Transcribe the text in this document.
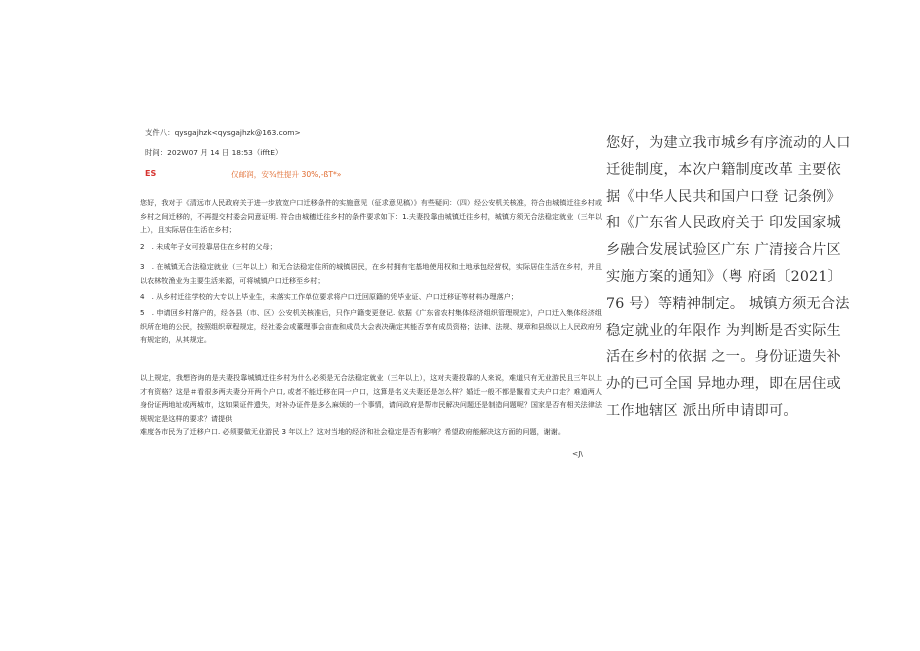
支件八：qysgajhzk<qysgajhzk@163.com>
时间：202W07 月 14 日 18:53（ifftE）
ES	仅邮润，安¾性提升 30%,-ßT*»

您好，我对于《清远市人民政府关于进一步放宽户口迁移条件的实施意见（征求意见稿）》有些疑问：（四）经公安机关核准，符合由城镇迁往乡村或乡村之间迁移的，不再提交村委会同意证明. 符合由城穗迁往乡村的条件要求如下：1.夫妻投靠由城镇迁往乡村，城镇方须无合法稳定就业（三年以上），且实际居住生活在乡村；

2　. 未成年子女可投靠居住在乡村的父母；

3　. 在城镇无合法稳定就业（三年以上）和无合法稳定住所的城镇居民，在乡村拥有宅基地使用权和土地承包经营权，实际居住生活在乡村，并且以农林牧渔业为主要生活来源，可将城镇户口迁移至乡村；

4　. 从乡村迁往学校的大专以上毕业生，未落实工作单位要求将户口迁回原籍的凭毕业证、户口迁移证等材料办理落户；

5　. 申请回乡村落户的，经各县（市、区）公安机关核准后，只作户籍变更登记. 依据《广东省农村集体经济组织管理规定》，户口迁入集体经济组织所在地的公民，按照组织章程规定，经社委会或董理事会亩查和成员大会表决确定其能否享有成员资格；法律、法规、规章和县级以上人民政府另有规定的，从其规定。

以上规定，我想咨询的是夫妻投靠城镇迁往乡村为什么必须是无合法稳定就业（三年以上），这对夫妻投靠的人来说，难道只有无业游民且三年以上才有资格？这是＃看很多两夫妻分开两个户口, 或者不能迁移在同一户口，这算是名义夫妻还是怎么样？婚迁一般不都是鬣看丈夫户口走？难道两人身份证两地址或两城市，这如果证件遗失，对补办证件是多么麻烦的一个事情，请问政府是帮市民解决问题还是制造问题呢？国家是否有相关法律法规规定是这样的要求？请提供

难度各市民为了迁移户口. 必须要做无业游民 3 年以上？这对当地的经济和社会稳定是否有影响？希望政府能解决这方面的问题，谢谢。

<J\

您好，为建立我市城乡有序流动的人口

迁徙制度，本次户籍制度改革 主要依

据《中华人民共和国户口登 记条例》

和《广东省人民政府关于 印发国家城

乡融合发展试验区广东 广清接合片区

实施方案的通知》（粤 府函〔2021〕

76 号）等精神制定。 城镇方须无合法

稳定就业的年限作 为判断是否实际生

活在乡村的依据 之一。身份证遗失补

办的已可全国 异地办理，即在居住或

工作地辖区 派出所申请即可。
